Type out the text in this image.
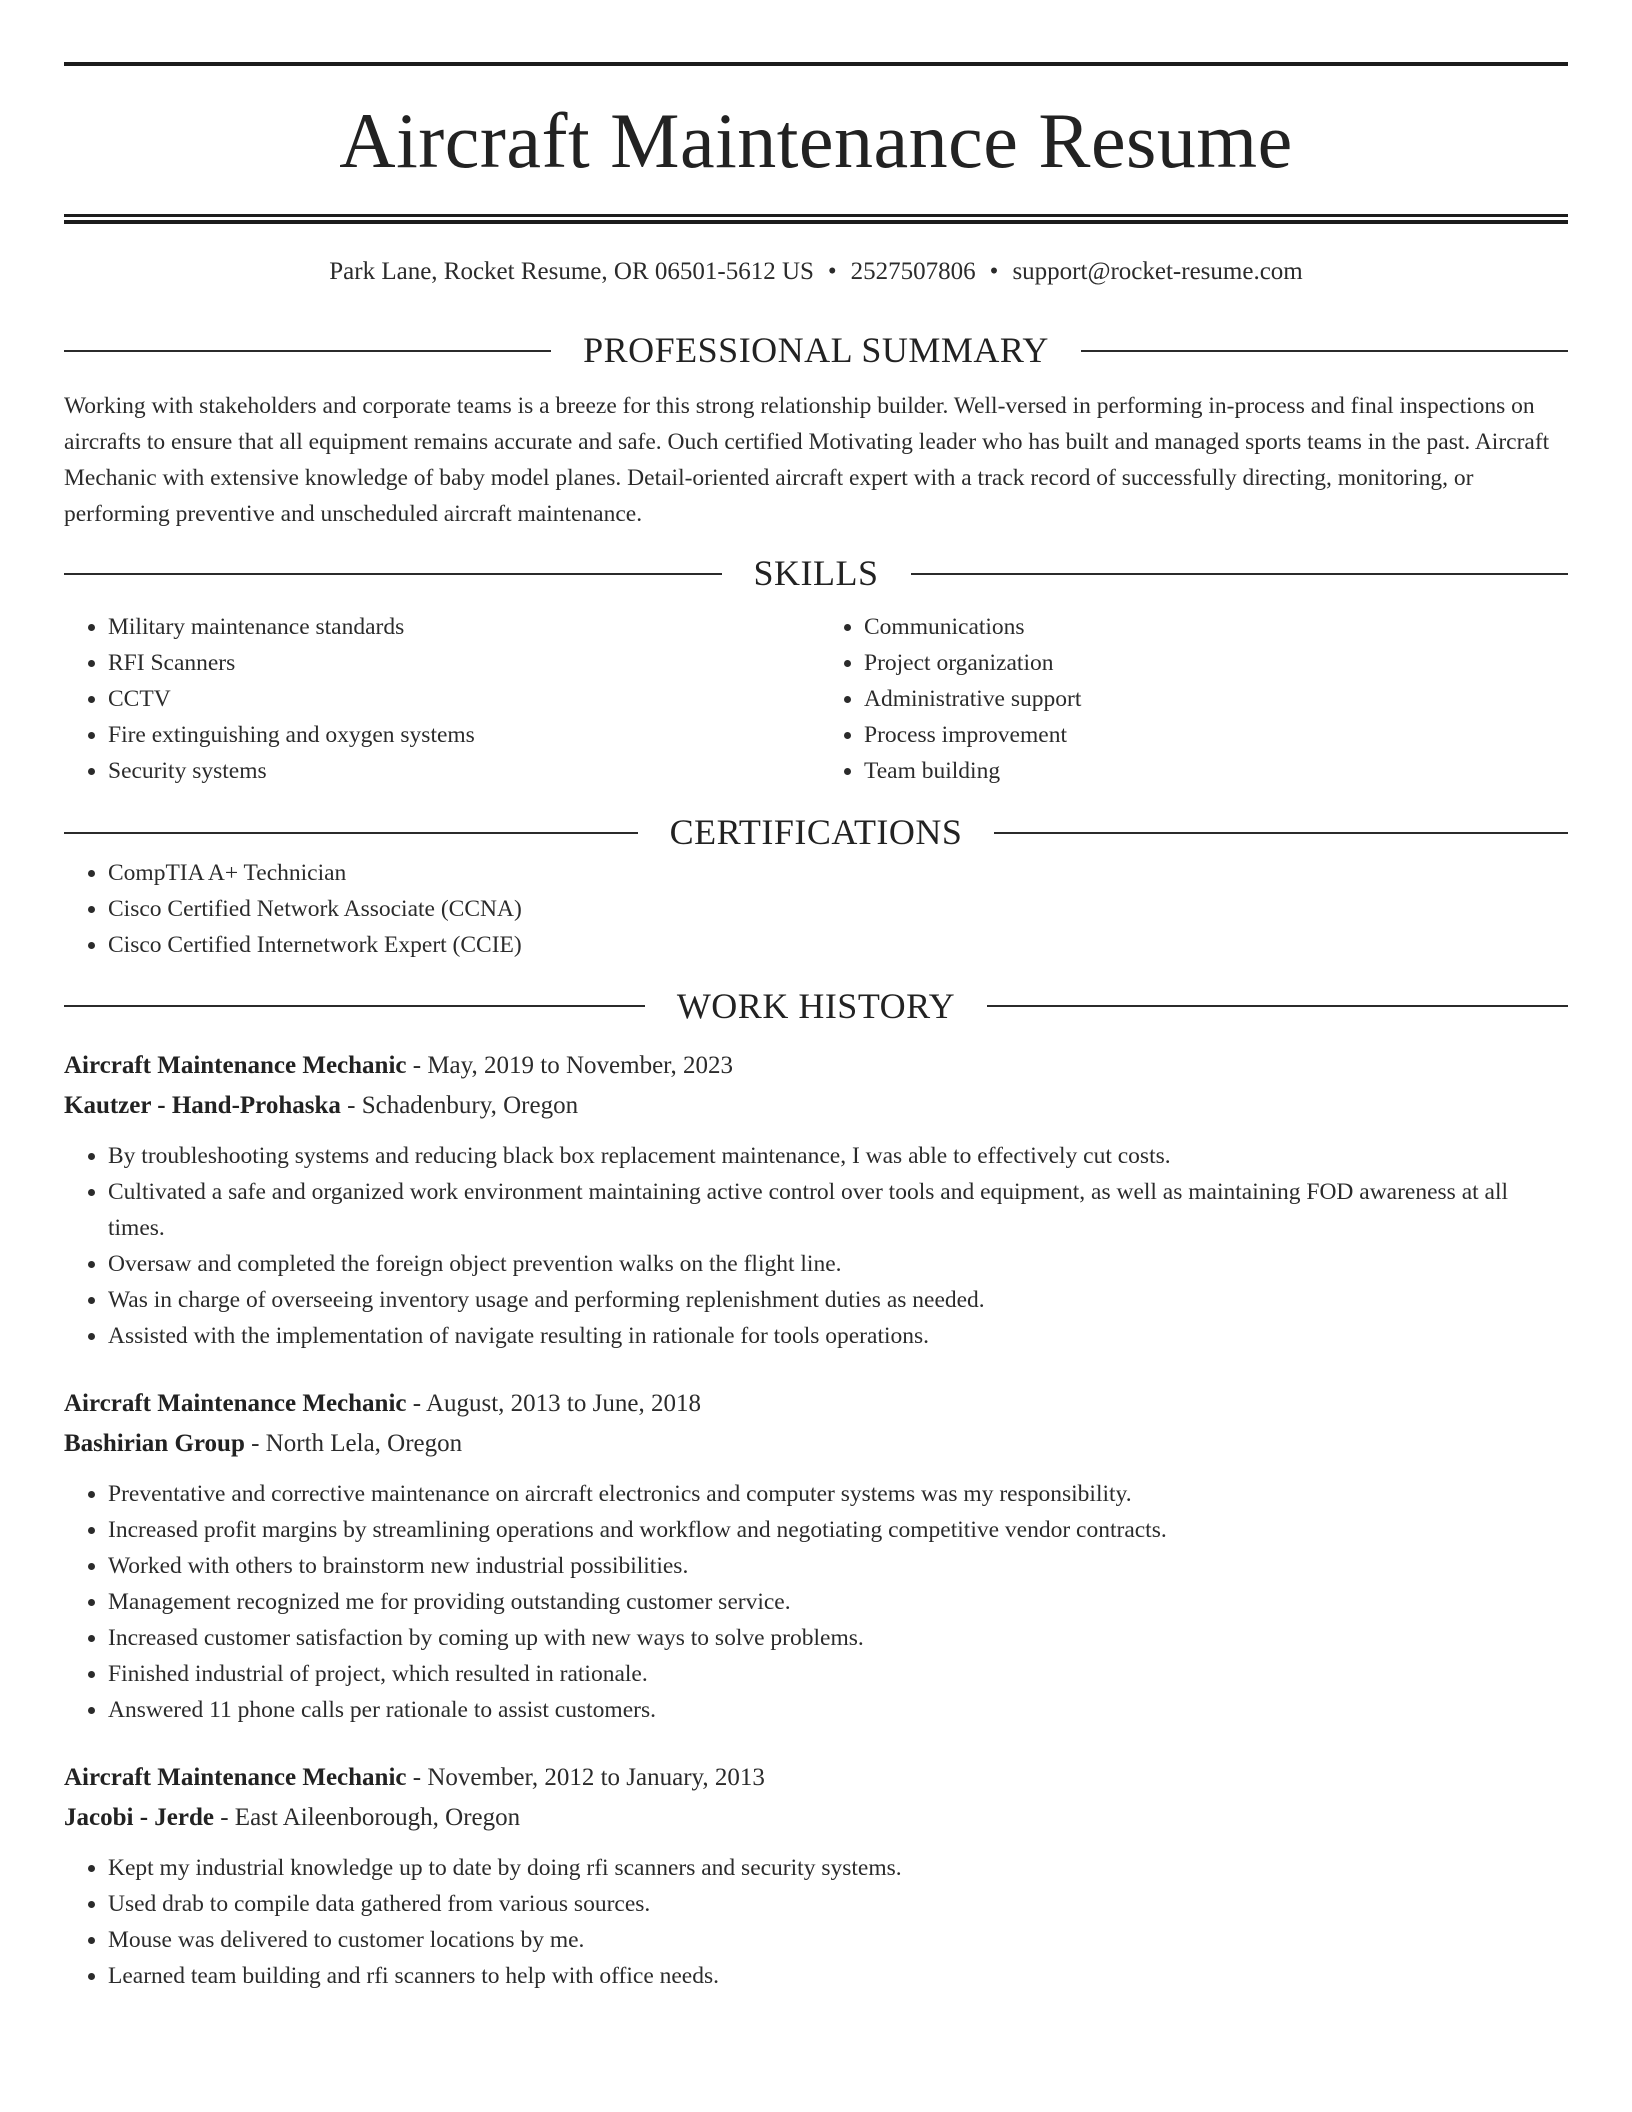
Aircraft Maintenance Resume
Park Lane, Rocket Resume, OR 06501-5612 US • 2527507806 • support@rocket-resume.com
PROFESSIONAL SUMMARY

Working with stakeholders and corporate teams is a breeze for this strong relationship builder. Well-versed in performing in-process and final inspections on aircrafts to ensure that all equipment remains accurate and safe. Ouch certified Motivating leader who has built and managed sports teams in the past. Aircraft Mechanic with extensive knowledge of baby model planes. Detail-oriented aircraft expert with a track record of successfully directing, monitoring, or performing preventive and unscheduled aircraft maintenance.

SKILLS
• Military maintenance standards
• RFI Scanners
• CCTV
• Fire extinguishing and oxygen systems
• Security systems
• Communications
• Project organization
• Administrative support
• Process improvement
• Team building
CERTIFICATIONS
• CompTIA A+ Technician
• Cisco Certified Network Associate (CCNA)
• Cisco Certified Internetwork Expert (CCIE)
WORK HISTORY
Aircraft Maintenance Mechanic - May, 2019 to November, 2023
Kautzer - Hand-Prohaska - Schadenbury, Oregon
• By troubleshooting systems and reducing black box replacement maintenance, I was able to effectively cut costs.
• Cultivated a safe and organized work environment maintaining active control over tools and equipment, as well as maintaining FOD awareness at all times.
• Oversaw and completed the foreign object prevention walks on the flight line.
• Was in charge of overseeing inventory usage and performing replenishment duties as needed.
• Assisted with the implementation of navigate resulting in rationale for tools operations.
Aircraft Maintenance Mechanic - August, 2013 to June, 2018
Bashirian Group - North Lela, Oregon
• Preventative and corrective maintenance on aircraft electronics and computer systems was my responsibility.
• Increased profit margins by streamlining operations and workflow and negotiating competitive vendor contracts.
• Worked with others to brainstorm new industrial possibilities.
• Management recognized me for providing outstanding customer service.
• Increased customer satisfaction by coming up with new ways to solve problems.
• Finished industrial of project, which resulted in rationale.
• Answered 11 phone calls per rationale to assist customers.
Aircraft Maintenance Mechanic - November, 2012 to January, 2013
Jacobi - Jerde - East Aileenborough, Oregon
• Kept my industrial knowledge up to date by doing rfi scanners and security systems.
• Used drab to compile data gathered from various sources.
• Mouse was delivered to customer locations by me.
• Learned team building and rfi scanners to help with office needs.
